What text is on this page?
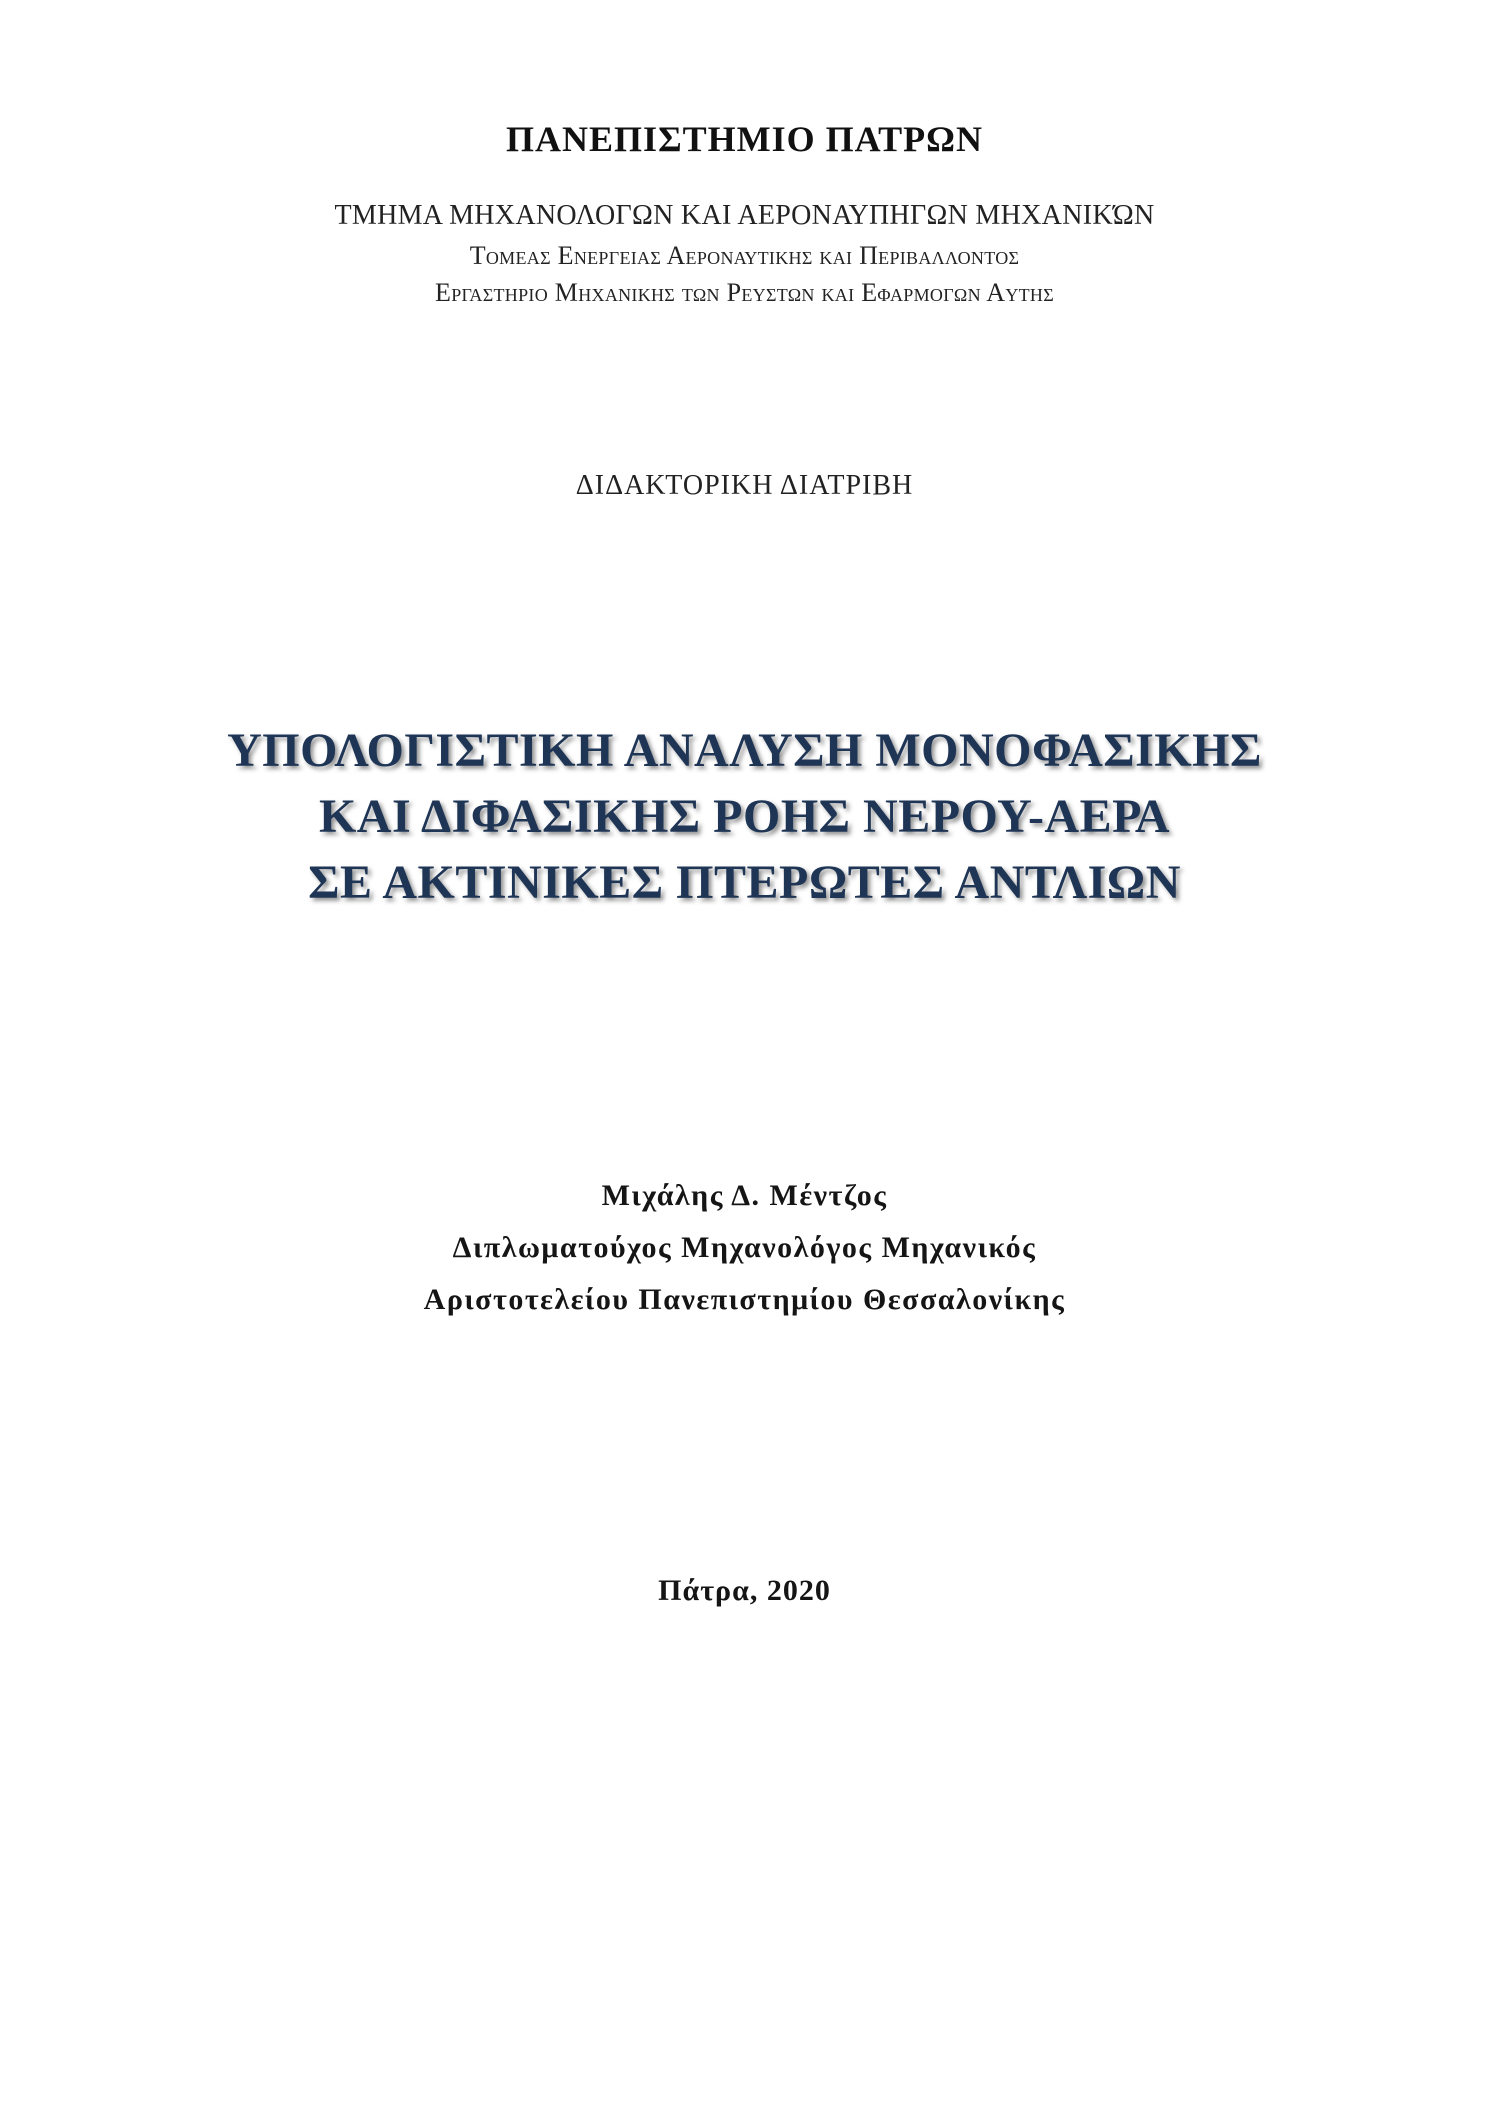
ΠΑΝΕΠΙΣΤΗΜΙΟ ΠΑΤΡΩΝ
ΤΜΗΜΑ ΜΗΧΑΝΟΛΟΓΩΝ ΚΑΙ ΑΕΡΟΝΑΥΠΗΓΩΝ ΜΗΧΑΝΙΚΏΝ
Τομεας Ενεργειας Αεροναυτικης και Περιβαλλοντος
Εργαστηριο Μηχανικης των Ρευστων και Εφαρμογων Αυτης
ΔΙΔΑΚΤΟΡΙΚΗ ΔΙΑΤΡΙΒΗ
ΥΠΟΛΟΓΙΣΤΙΚΗ ΑΝΑΛΥΣΗ ΜΟΝΟΦΑΣΙΚΗΣ
ΚΑΙ ΔΙΦΑΣΙΚΗΣ ΡΟΗΣ ΝΕΡΟΥ-ΑΕΡΑ
ΣΕ ΑΚΤΙΝΙΚΕΣ ΠΤΕΡΩΤΕΣ ΑΝΤΛΙΩΝ
Μιχάλης Δ. Μέντζος
Διπλωματούχος Μηχανολόγος Μηχανικός
Αριστοτελείου Πανεπιστημίου Θεσσαλονίκης
Πάτρα, 2020
